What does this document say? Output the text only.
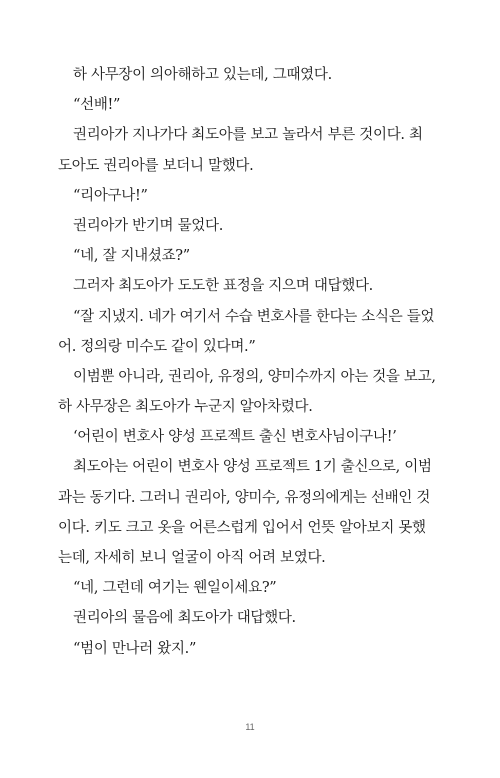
하 사무장이 의아해하고 있는데, 그때였다.
“선배!”
권리아가 지나가다 최도아를 보고 놀라서 부른 것이다. 최
도아도 권리아를 보더니 말했다.
“리아구나!”
권리아가 반기며 물었다.
“네, 잘 지내셨죠?”
그러자 최도아가 도도한 표정을 지으며 대답했다.
“잘 지냈지. 네가 여기서 수습 변호사를 한다는 소식은 들었
어. 정의랑 미수도 같이 있다며.”
이범뿐 아니라, 권리아, 유정의, 양미수까지 아는 것을 보고,
하 사무장은 최도아가 누군지 알아차렸다.
‘어린이 변호사 양성 프로젝트 출신 변호사님이구나!’
최도아는 어린이 변호사 양성 프로젝트 1기 출신으로, 이범
과는 동기다. 그러니 권리아, 양미수, 유정의에게는 선배인 것
이다. 키도 크고 옷을 어른스럽게 입어서 언뜻 알아보지 못했
는데, 자세히 보니 얼굴이 아직 어려 보였다.
“네, 그런데 여기는 웬일이세요?”
권리아의 물음에 최도아가 대답했다.
“범이 만나러 왔지.”
11
